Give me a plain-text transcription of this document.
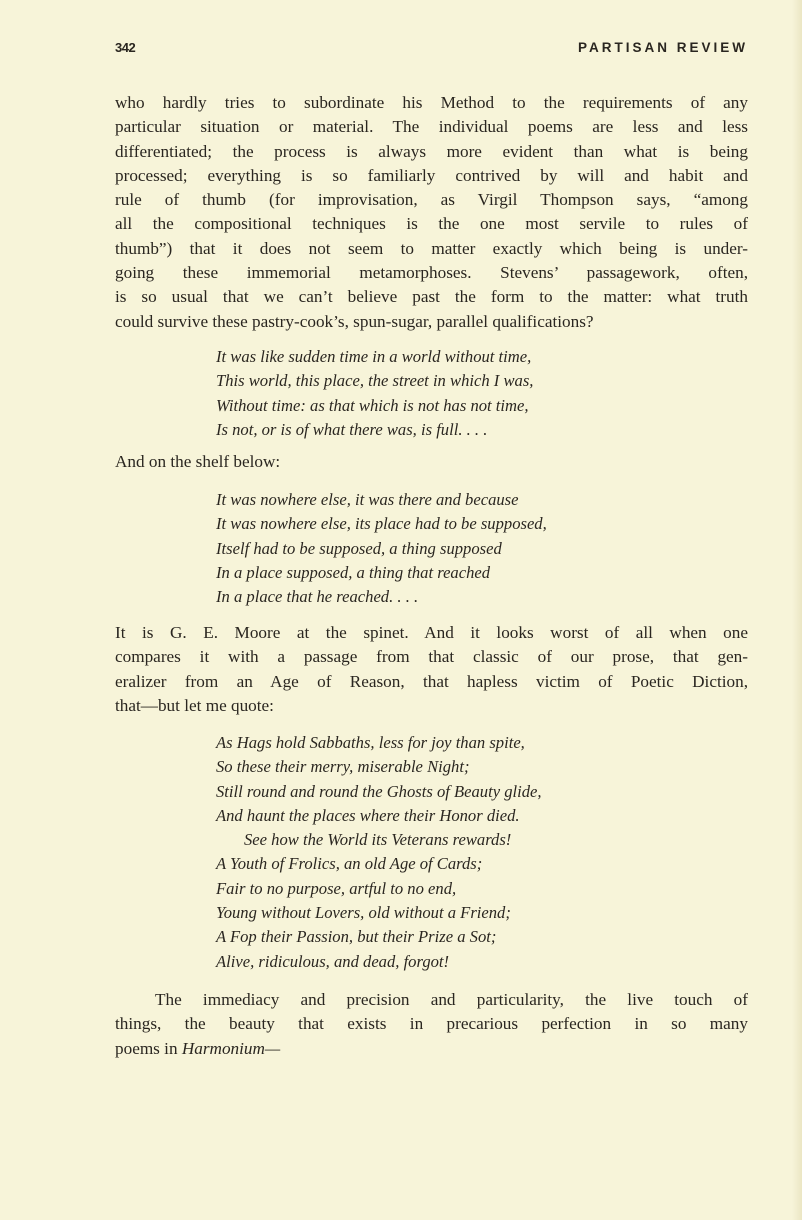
342	PARTISAN REVIEW
who hardly tries to subordinate his Method to the requirements of any
particular situation or material. The individual poems are less and less
differentiated; the process is always more evident than what is being
processed; everything is so familiarly contrived by will and habit and
rule of thumb (for improvisation, as Virgil Thompson says, “among
all the compositional techniques is the one most servile to rules of
thumb”) that it does not seem to matter exactly which being is under-
going these immemorial metamorphoses. Stevens’ passagework, often,
is so usual that we can’t believe past the form to the matter: what truth
could survive these pastry-cook’s, spun-sugar, parallel qualifications?
It was like sudden time in a world without time,
This world, this place, the street in which I was,
Without time: as that which is not has not time,
Is not, or is of what there was, is full. . . .
And on the shelf below:
It was nowhere else, it was there and because
It was nowhere else, its place had to be supposed,
Itself had to be supposed, a thing supposed
In a place supposed, a thing that reached
In a place that he reached. . . .
It is G. E. Moore at the spinet. And it looks worst of all when one
compares it with a passage from that classic of our prose, that gen-
eralizer from an Age of Reason, that hapless victim of Poetic Diction,
that—but let me quote:
As Hags hold Sabbaths, less for joy than spite,
So these their merry, miserable Night;
Still round and round the Ghosts of Beauty glide,
And haunt the places where their Honor died.
See how the World its Veterans rewards!
A Youth of Frolics, an old Age of Cards;
Fair to no purpose, artful to no end,
Young without Lovers, old without a Friend;
A Fop their Passion, but their Prize a Sot;
Alive, ridiculous, and dead, forgot!
The immediacy and precision and particularity, the live touch of
things, the beauty that exists in precarious perfection in so many
poems in Harmonium—
